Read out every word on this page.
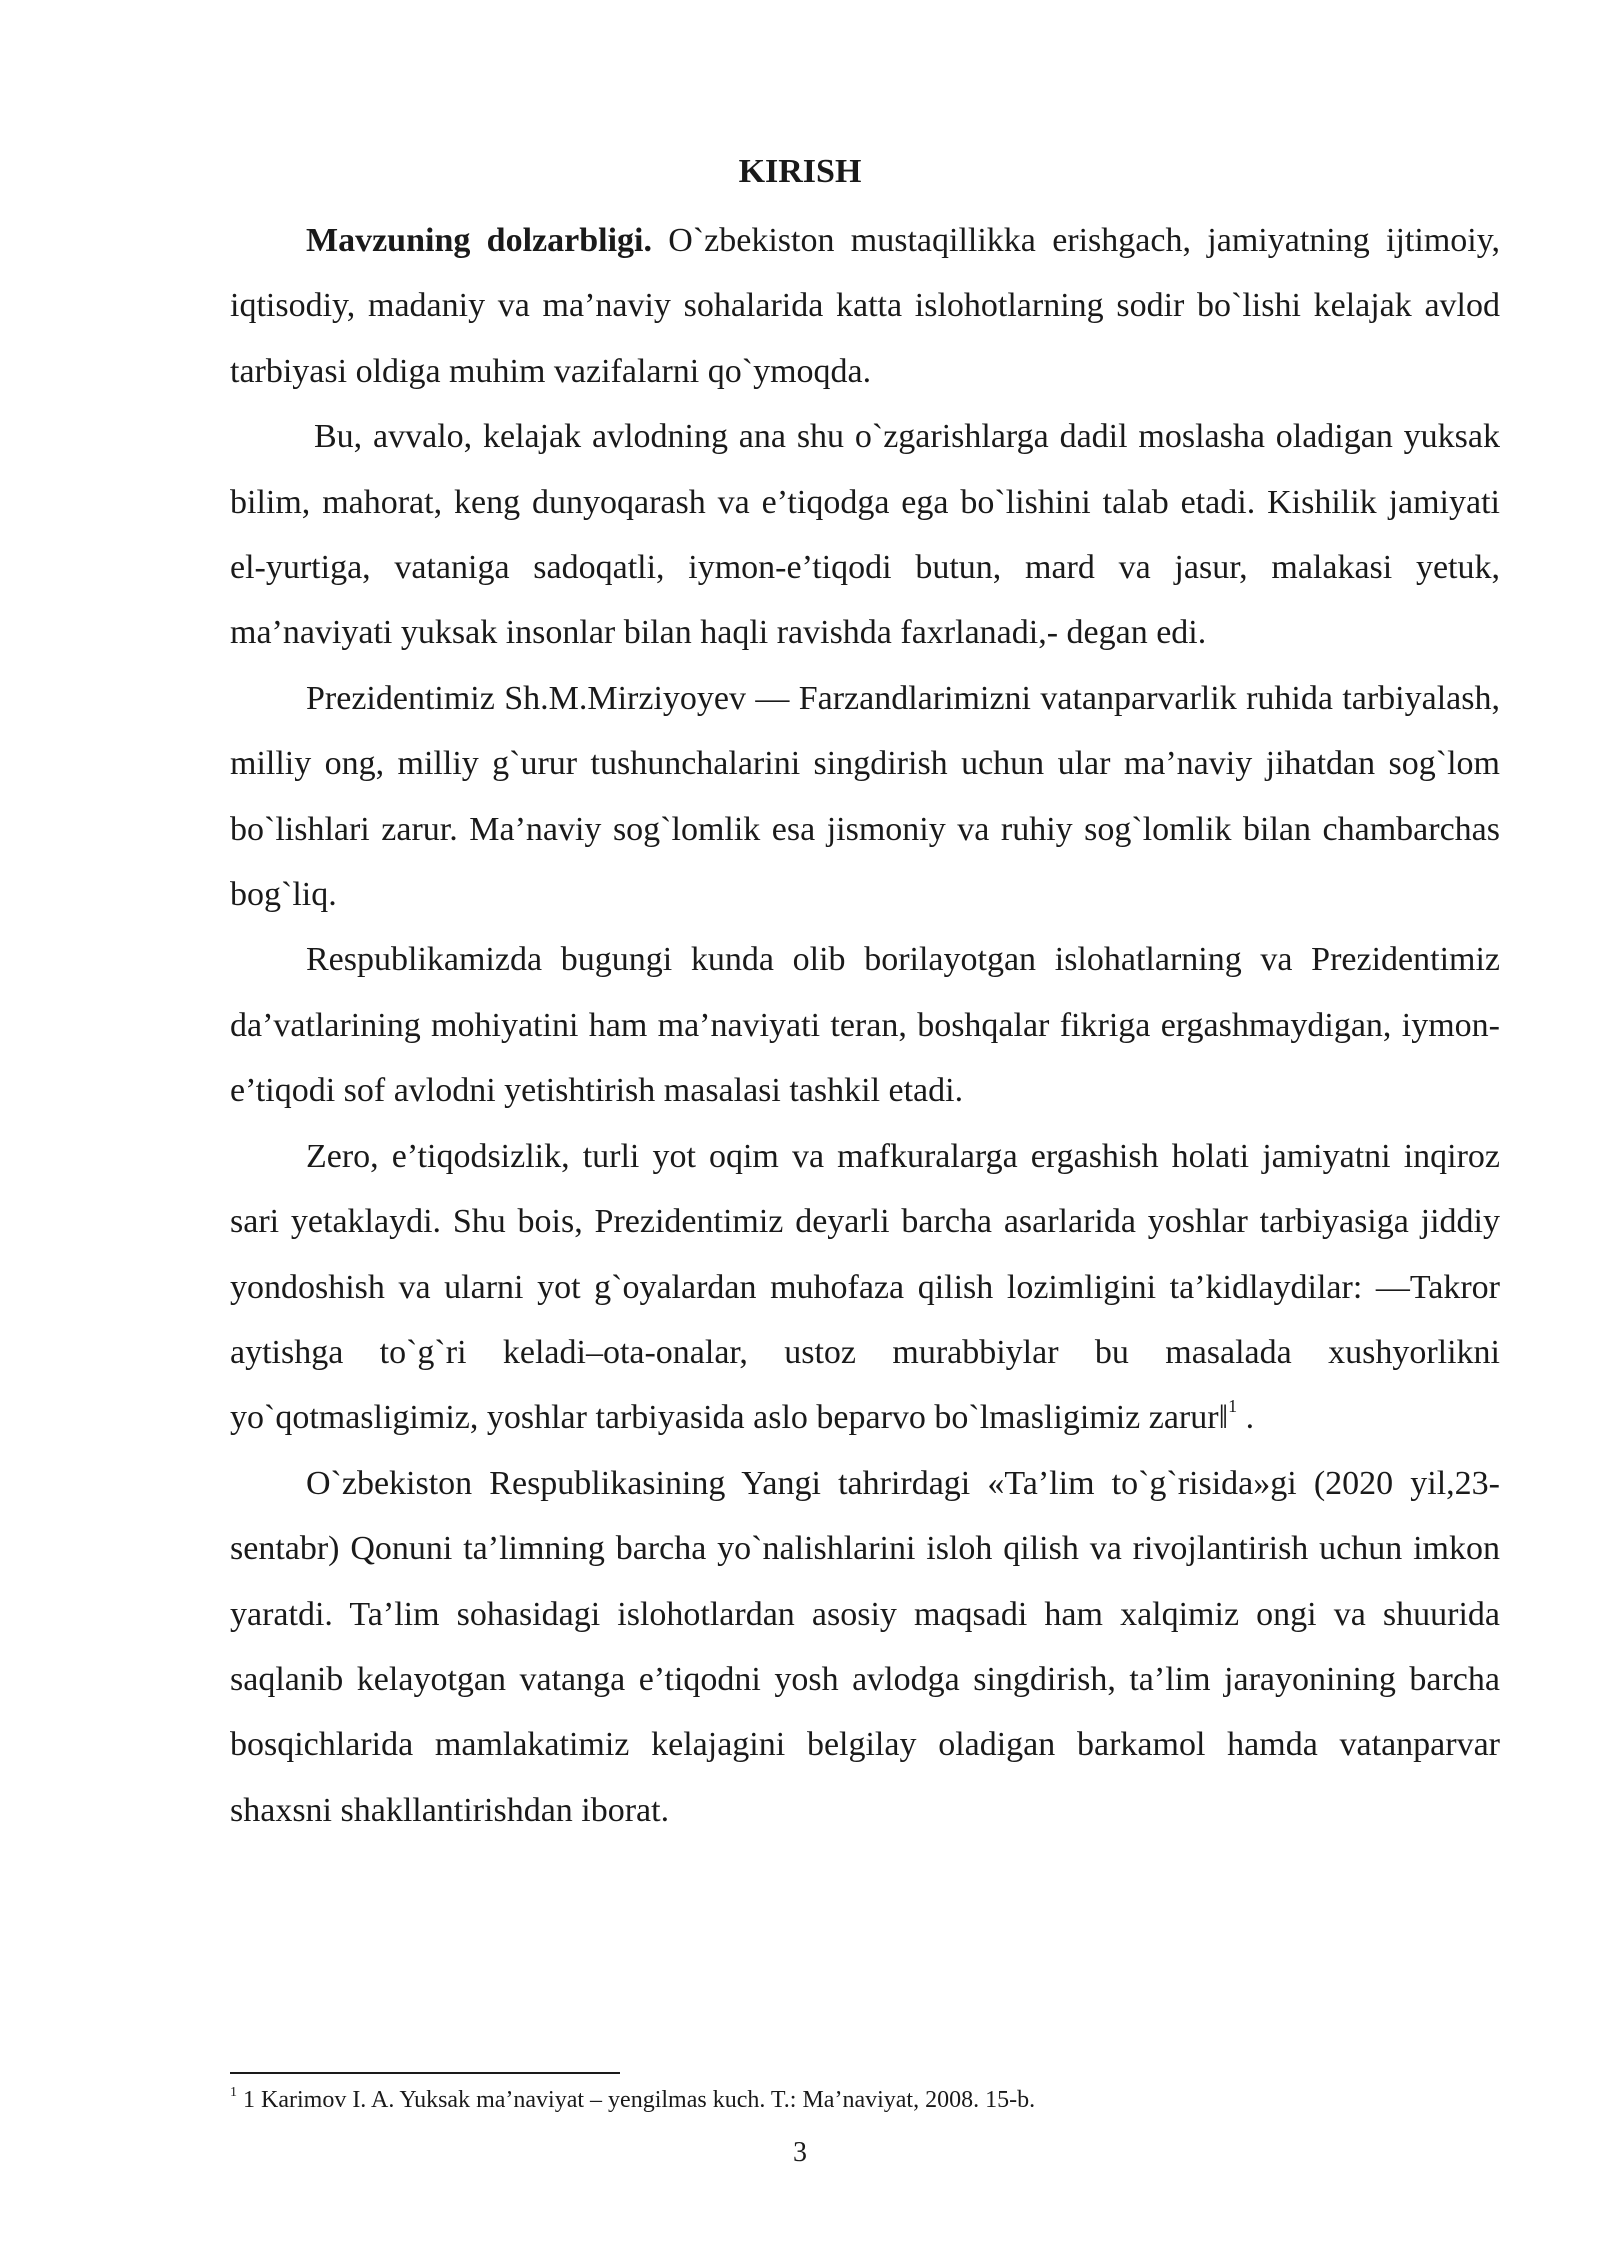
KIRISH

Mavzuning dolzarbligi. O`zbekiston mustaqillikka erishgach, jamiyatning ijtimoiy, iqtisodiy, madaniy va ma’naviy sohalarida katta islohotlarning sodir bo`lishi kelajak avlod tarbiyasi oldiga muhim vazifalarni qo`ymoqda.

Bu, avvalo, kelajak avlodning ana shu o`zgarishlarga dadil moslasha oladigan yuksak bilim, mahorat, keng dunyoqarash va e’tiqodga ega bo`lishini talab etadi. Kishilik jamiyati el-yurtiga, vataniga sadoqatli, iymon-e’tiqodi butun, mard va jasur, malakasi yetuk, ma’naviyati yuksak insonlar bilan haqli ravishda faxrlanadi,- degan edi.

Prezidentimiz Sh.M.Mirziyoyev — Farzandlarimizni vatanparvarlik ruhida tarbiyalash, milliy ong, milliy g`urur tushunchalarini singdirish uchun ular ma’naviy jihatdan sog`lom bo`lishlari zarur. Ma’naviy sog`lomlik esa jismoniy va ruhiy sog`lomlik bilan chambarchas bog`liq.

Respublikamizda bugungi kunda olib borilayotgan islohatlarning va Prezidentimiz da’vatlarining mohiyatini ham ma’naviyati teran, boshqalar fikriga ergashmaydigan, iymon-e’tiqodi sof avlodni yetishtirish masalasi tashkil etadi.

Zero, e’tiqodsizlik, turli yot oqim va mafkuralarga ergashish holati jamiyatni inqiroz sari yetaklaydi. Shu bois, Prezidentimiz deyarli barcha asarlarida yoshlar tarbiyasiga jiddiy yondoshish va ularni yot g`oyalardan muhofaza qilish lozimligini ta’kidlaydilar: —Takror aytishga to`g`ri keladi–ota-onalar, ustoz murabbiylar bu masalada xushyorlikni yo`qotmasligimiz, yoshlar tarbiyasida aslo beparvo bo`lmasligimiz zarur‖$^1$ .

O`zbekiston Respublikasining Yangi tahrirdagi «Ta’lim to`g`risida»gi (2020 yil,23-sentabr) Qonuni ta’limning barcha yo`nalishlarini isloh qilish va rivojlantirish uchun imkon yaratdi. Ta’lim sohasidagi islohotlardan asosiy maqsadi ham xalqimiz ongi va shuurida saqlanib kelayotgan vatanga e’tiqodni yosh avlodga singdirish, ta’lim jarayonining barcha bosqichlarida mamlakatimiz kelajagini belgilay oladigan barkamol hamda vatanparvar shaxsni shakllantirishdan iborat.

$^1$ 1 Karimov I. A. Yuksak ma’naviyat – yengilmas kuch. T.: Ma’naviyat, 2008. 15-b.
3
